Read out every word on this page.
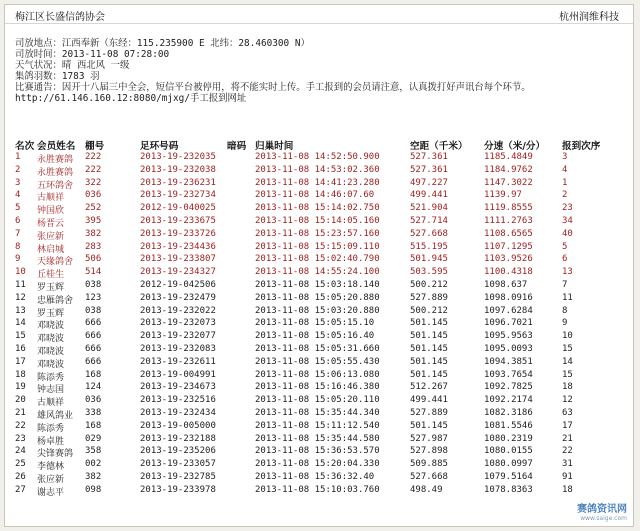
梅江区长盛信鸽协会	杭州润维科技
司放地点：江西奉新（东经：115.235900 E 北纬：28.460300 N）
司放时间：2013-11-08 07:28:00
天气状况：晴 西北风 一级
集鸽羽数：1783 羽
比赛通告：因开十八届三中全会，短信平台被停用，将不能实时上传。手工报到的会员请注意，认真拨打好声讯台每个环节。http://61.146.160.12:8080/mjxg/手工报到网址
名次 会员姓名 棚号	足环号码	暗码 归巢时间	空距（千米） 分速（米/分） 报到次序
1 永胜赛鸽 222	2013-19-232035	2013-11-08 14:52:50.900	527.361	1185.4849	3
2 永胜赛鸽 222	2013-19-232038	2013-11-08 14:53:02.360	527.361	1184.9762	4
3 五环鸽舍 322	2013-19-236231	2013-11-08 14:41:23.280	497.227	1147.3022	1
4 古顺祥 036	2013-19-232734	2013-11-08 14:46:07.60	499.441	1139.97	2
5 钟国欣 252	2012-19-040025	2013-11-08 15:14:02.750	521.904	1119.8555	23
6 杨晋云 395	2013-19-233675	2013-11-08 15:14:05.160	527.714	1111.2763	34
7 张应新 382	2013-19-233726	2013-11-08 15:23:57.160	527.668	1108.6565	40
8 林启城 283	2013-19-234436	2013-11-08 15:15:09.110	515.195	1107.1295	5
9 天缘鸽舍 506	2013-19-233807	2013-11-08 15:02:40.790	501.945	1103.9526	6
10 丘桂生 514	2013-19-234327	2013-11-08 14:55:24.100	503.595	1100.4318	13
11 罗玉辉 038	2012-19-042506	2013-11-08 15:03:18.140	500.212	1098.637	7
12 忠雁鸽舍 123	2013-19-232479	2013-11-08 15:05:20.880	527.889	1098.0916	11
13 罗玉辉 038	2013-19-232022	2013-11-08 15:03:20.880	500.212	1097.6284	8
14 邓晓波 666	2013-19-232073	2013-11-08 15:05:15.10	501.145	1096.7021	9
15 邓晓波 666	2013-19-232077	2013-11-08 15:05:16.40	501.145	1095.9563	10
16 邓晓波 666	2013-19-232083	2013-11-08 15:05:31.660	501.145	1095.0093	15
17 邓晓波 666	2013-19-232611	2013-11-08 15:05:55.430	501.145	1094.3851	14
18 陈添秀 168	2013-19-004991	2013-11-08 15:06:13.080	501.145	1093.7654	15
19 钟志国 124	2013-19-234673	2013-11-08 15:16:46.380	512.267	1092.7825	18
20 古顺祥 036	2013-19-232516	2013-11-08 15:05:20.110	499.441	1092.2174	12
21 雄风鸽业 338	2013-19-232434	2013-11-08 15:35:44.340	527.889	1082.3186	63
22 陈添秀 168	2013-19-005000	2013-11-08 15:11:12.540	501.145	1081.5546	17
23 杨卓胜 029	2013-19-232188	2013-11-08 15:35:44.580	527.987	1080.2319	21
24 尖锋赛鸽 358	2013-19-235206	2013-11-08 15:36:53.570	527.898	1080.0155	22
25 李德林 002	2013-19-233057	2013-11-08 15:20:04.330	509.885	1080.0997	31
26 张应新 382	2013-19-232785	2013-11-08 15:36:32.40	527.668	1079.5164	91
27 谢志平 098	2013-19-233978	2013-11-08 15:10:03.760	498.49	1078.8363	18
赛鸽资讯网
www.saige.com
